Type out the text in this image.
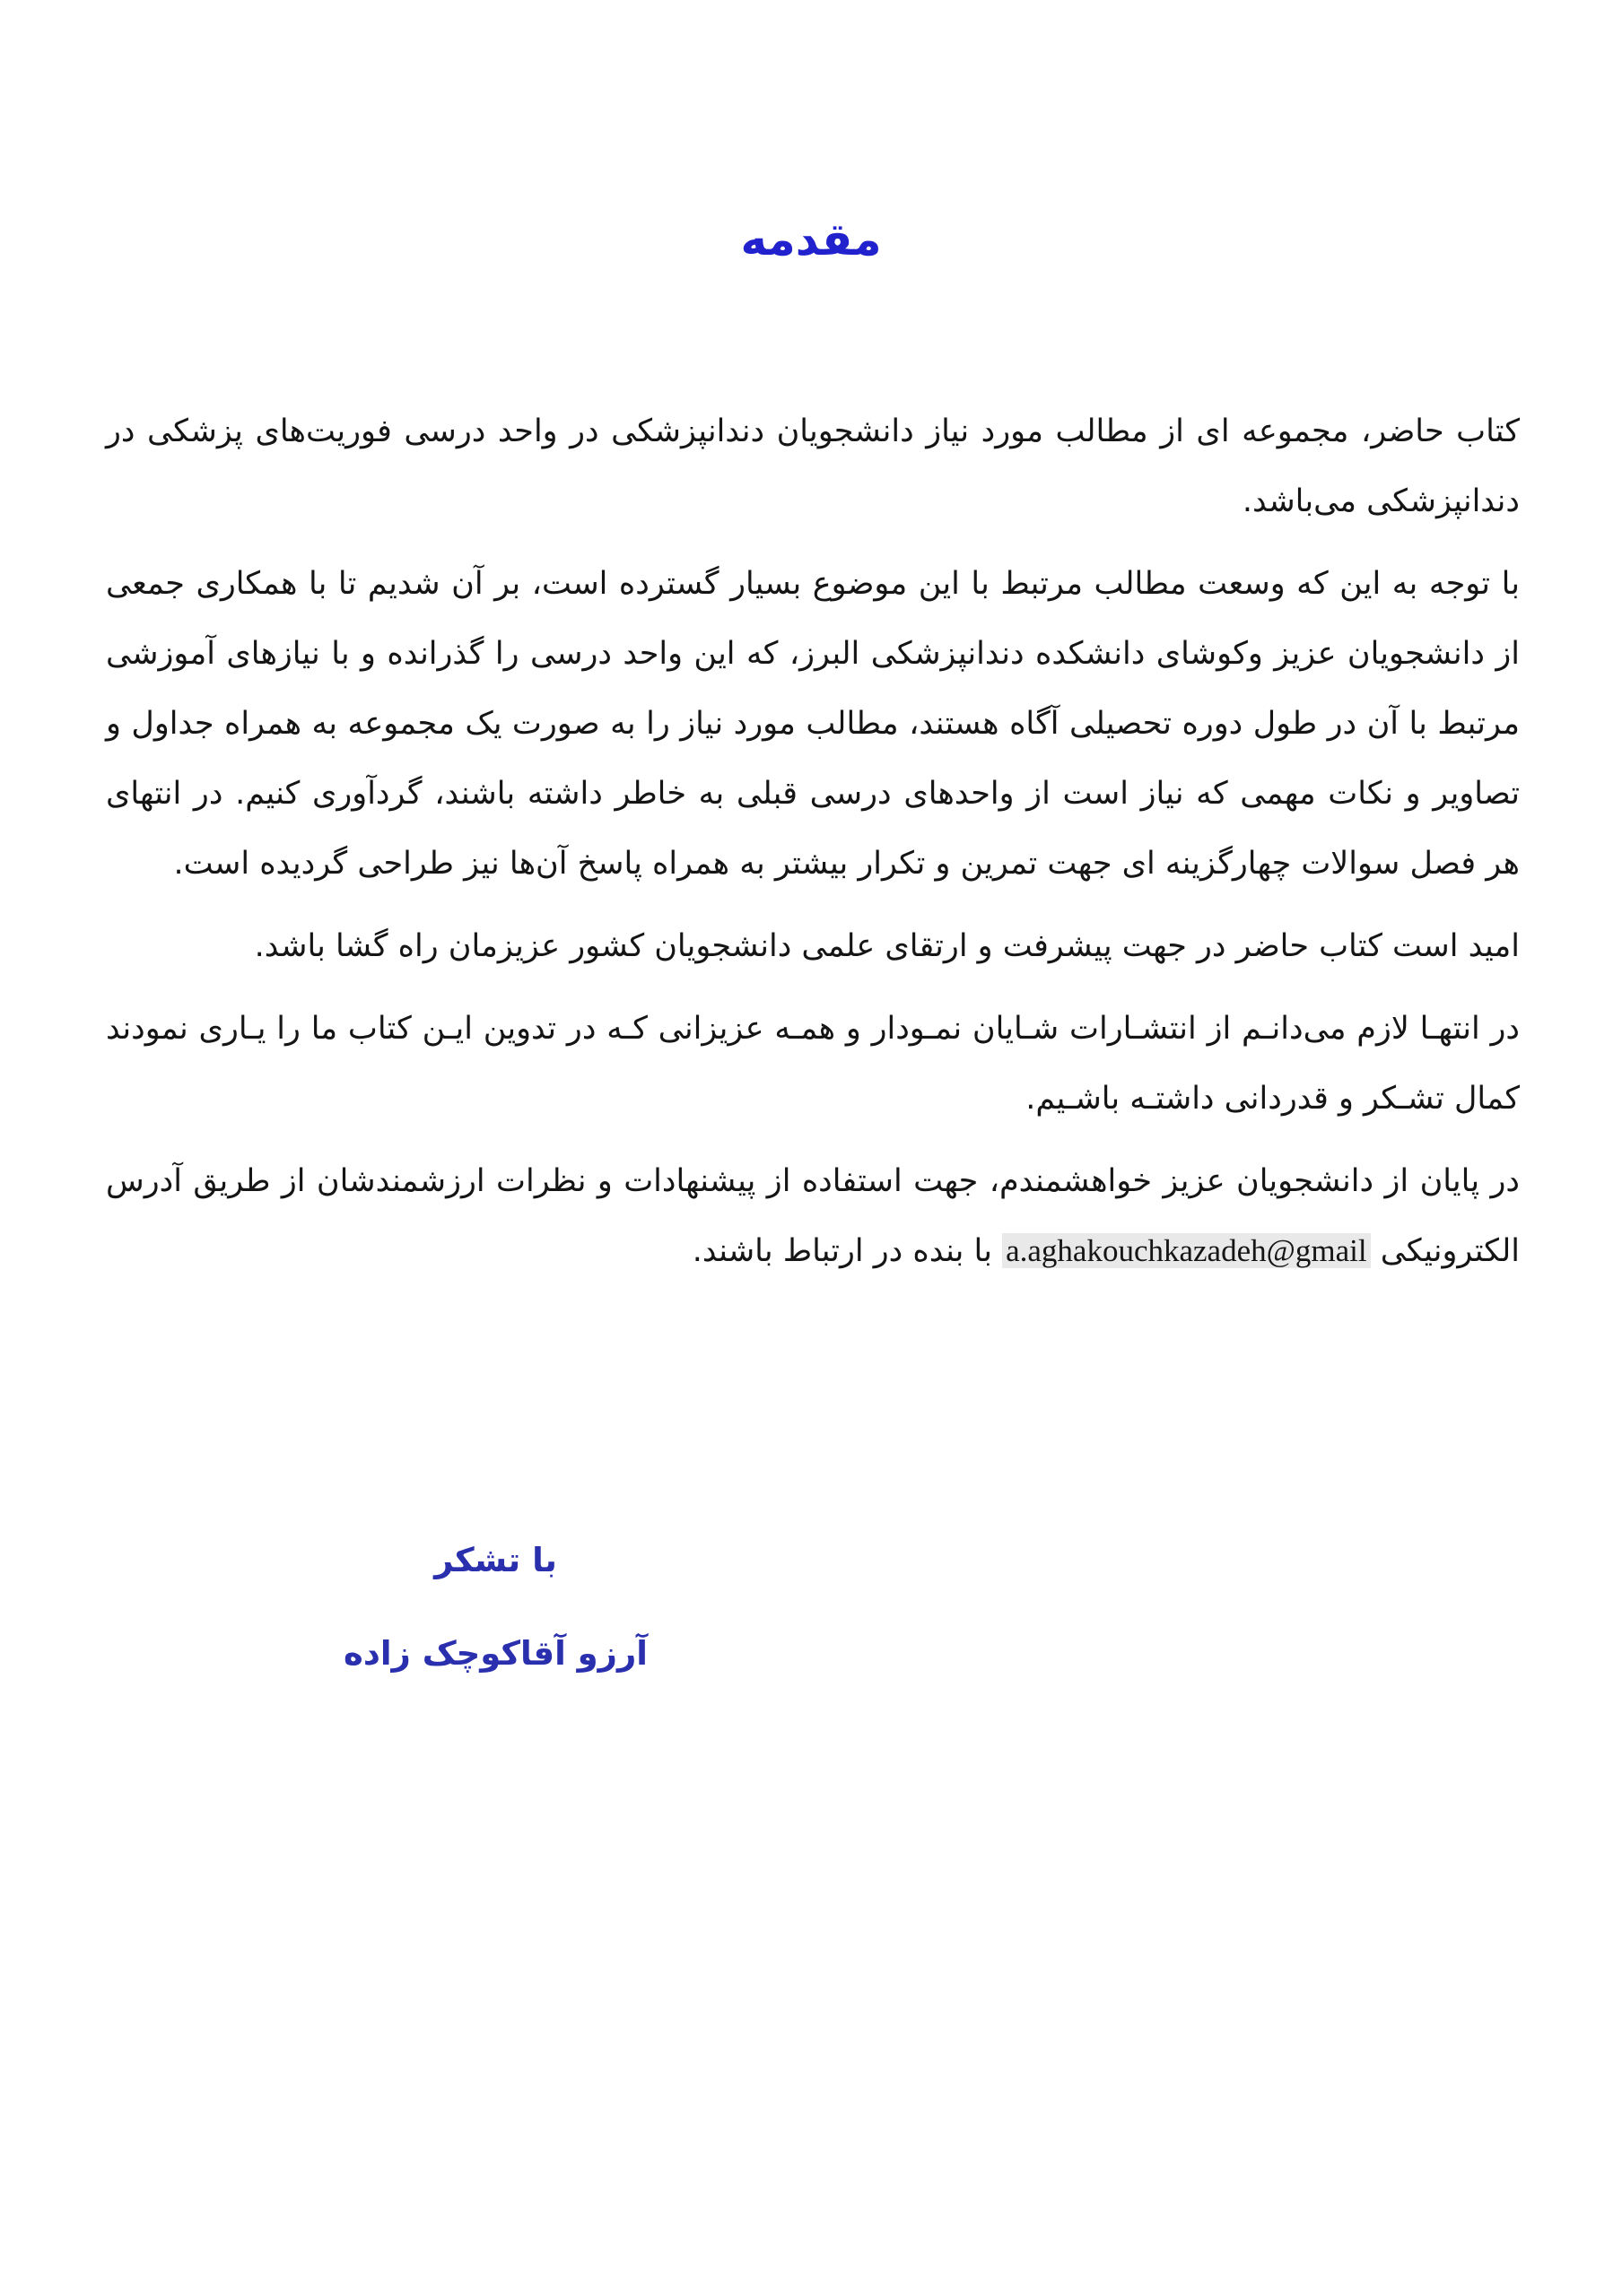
مقدمه

کتاب حاضر، مجموعه ای از مطالب مورد نیاز دانشجویان دندانپزشکی در واحد درسی فوریت‌های پزشکی در دندانپزشکی می‌باشد.

با توجه به این که وسعت مطالب مرتبط با این موضوع بسیار گسترده است، بر آن شدیم تا با همکاری جمعی از دانشجویان عزیز وکوشای دانشکده دندانپزشکی البرز، که این واحد درسی را گذرانده و با نیازهای آموزشی مرتبط با آن در طول دوره تحصیلی آگاه هستند، مطالب مورد نیاز را به صورت یک مجموعه به همراه جداول و تصاویر و نکات مهمی که نیاز است از واحدهای درسی قبلی به خاطر داشته باشند، گردآوری کنیم. در انتهای هر فصل سوالات چهارگزینه ای جهت تمرین و تکرار بیشتر به همراه پاسخ آن‌ها نیز طراحی گردیده است.

امید است کتاب حاضر در جهت پیشرفت و ارتقای علمی دانشجویان کشور عزیزمان راه گشا باشد.

در انتهـا لازم می‌دانـم از انتشـارات شـایان نمـودار و همـه عزیزانی کـه در تدوین ایـن کتاب ما را یـاری نمودند کمال تشـکر و قدردانی داشتـه باشـیم.

در پایان از دانشجویان عزیز خواهشمندم، جهت استفاده از پیشنهادات و نظرات ارزشمندشان از طریق آدرس الکترونیکی a.aghakouchkazadeh@gmail با بنده در ارتباط باشند.

با تشکر
آرزو آقاکوچک زاده
